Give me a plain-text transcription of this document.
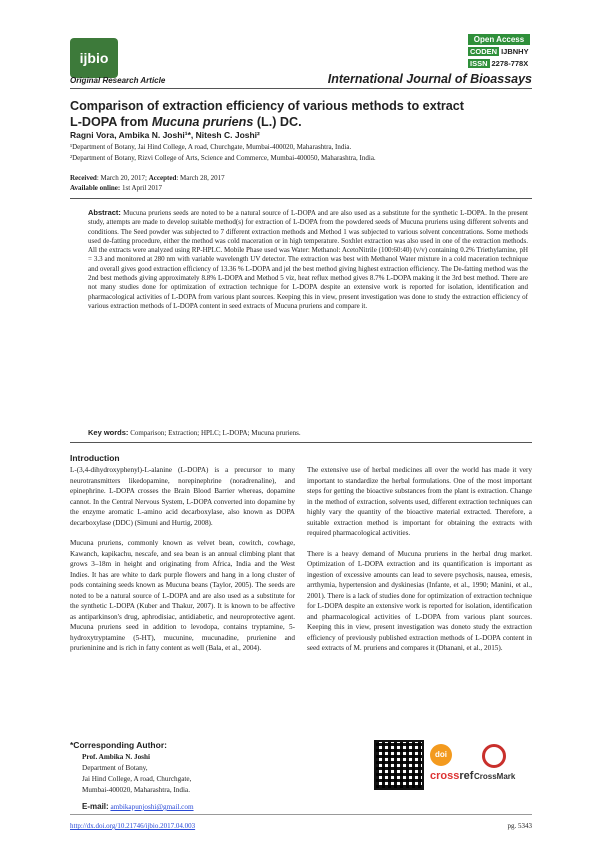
ijbio
Open Access
CODEN IJBNHY
ISSN 2278-778X
Original Research Article	International Journal of Bioassays
Comparison of extraction efficiency of various methods to extract
L-DOPA from Mucuna pruriens (L.) DC.
Ragni Vora, Ambika N. Joshi¹*, Nitesh C. Joshi²
¹Department of Botany, Jai Hind College, A road, Churchgate, Mumbai-400020, Maharashtra, India.
²Department of Botany, Rizvi College of Arts, Science and Commerce, Mumbai-400050, Maharashtra, India.
Received: March 20, 2017; Accepted: March 28, 2017
Available online: 1st April 2017
Abstract: Mucuna pruriens seeds are noted to be a natural source of L-DOPA and are also used as a substitute for the synthetic L-DOPA. In the present study, attempts are made to develop suitable method(s) for extraction of L-DOPA from the powdered seeds of Mucuna pruriens using different solvents and conditions. The Seed powder was subjected to 7 different extraction methods and Method 1 was subjected to various solvent concentrations. Some methods used de-fatting procedure, either the method was cold maceration or in high temperature. Soxhlet extraction was also used in one of the extraction methods. All the extracts were analyzed using RP-HPLC. Mobile Phase used was Water: Methanol: AcetoNitrile (100:60:40) (v/v) containing 0.2% Triethylamine, pH = 3.3 and monitored at 280 nm with variable wavelength UV detector. The extraction was best with Methanol Water mixture in a cold maceration technique and overall gives good extraction efficiency of 13.36 % L-DOPA and jel the best method giving highest extraction efficiency. The De-fatting method was the 2nd best methods giving approximately 8.8% L-DOPA and Method 5 viz, heat reflux method gives 8.7% L-DOPA making it the 3rd best method. There are not many studies done for optimization of extraction technique for L-DOPA despite an extensive work is reported for isolation, identification and pharmacological activities of L-DOPA from various plant sources. Keeping this in view, present investigation was done to study the extraction efficiency of various extraction methods of L-DOPA content in seed extracts of Mucuna pruriens and compare it.
Key words: Comparison; Extraction; HPLC; L-DOPA; Mucuna pruriens.
Introduction

L-(3,4-dihydroxyphenyl)-L-alanine (L-DOPA) is a precursor to many neurotransmitters likedopamine, norepinephrine (noradrenaline), and epinephrine. L-DOPA crosses the Brain Blood Barrier whereas, dopamine cannot. In the Central Nervous System, L-DOPA converted into dopamine by the enzyme aromatic L-amino acid decarboxylase, also known as DOPA decarboxylase (DDC) (Simuni and Hurtig, 2008).

Mucuna pruriens, commonly known as velvet bean, cowitch, cowhage, Kawanch, kapikachu, nescafe, and sea bean is an annual climbing plant that grows 3–18m in height and originating from Africa, India and the West Indies. It has are white to dark purple flowers and hang in a long cluster of pods containing seeds known as Mucuna beans (Taylor, 2005). The seeds are noted to be a natural source of L-DOPA and are also used as a substitute for the synthetic L-DOPA (Kuber and Thakur, 2007). It is known to be affective as antiparkinson's drug, aphrodisiac, antidiabetic, and neuroprotective agent. Mucuna pruriens seed in addition to levodopa, contains tryptamine, 5-hydroxytryptamine (5-HT), mucunine, mucunadine, prurienine and prurieninine and is rich in fatty content as well (Bala, et al., 2004).

The extensive use of herbal medicines all over the world has made it very important to standardize the herbal formulations. One of the most important steps for getting the bioactive substances from the plant is extraction. Change in the method of extraction, solvents used, different extraction techniques can highly vary the quantity of the bioactive material extracted. Therefore, a suitable extraction method is important for obtaining the extracts with required pharmacological activities.

There is a heavy demand of Mucuna pruriens in the herbal drug market. Optimization of L-DOPA extraction and its quantification is important as ingestion of excessive amounts can lead to severe psychosis, nausea, emesis, arrthymia, hypertension and dyskinesias (Infante, et al., 1990; Manini, et al., 2001). There is a lack of studies done for optimization of extraction technique for L-DOPA despite an extensive work is reported for isolation, identification and pharmacological activities of L-DOPA from various plant sources. Keeping this in view, present investigation was doneto study the extraction efficiency of previously published extraction methods of L-DOPA content in seed extracts of M. pruriens and compares it (Dhanani, et al., 2015).

*Corresponding Author:
Prof. Ambika N. Joshi
Department of Botany,
Jai Hind College, A road, Churchgate,
Mumbai-400020, Maharashtra, India.
E-mail: ambikapunjoshi@gmail.com
doi
crossref CrossMark
http://dx.doi.org/10.21746/ijbio.2017.04.003	pg. 5343
